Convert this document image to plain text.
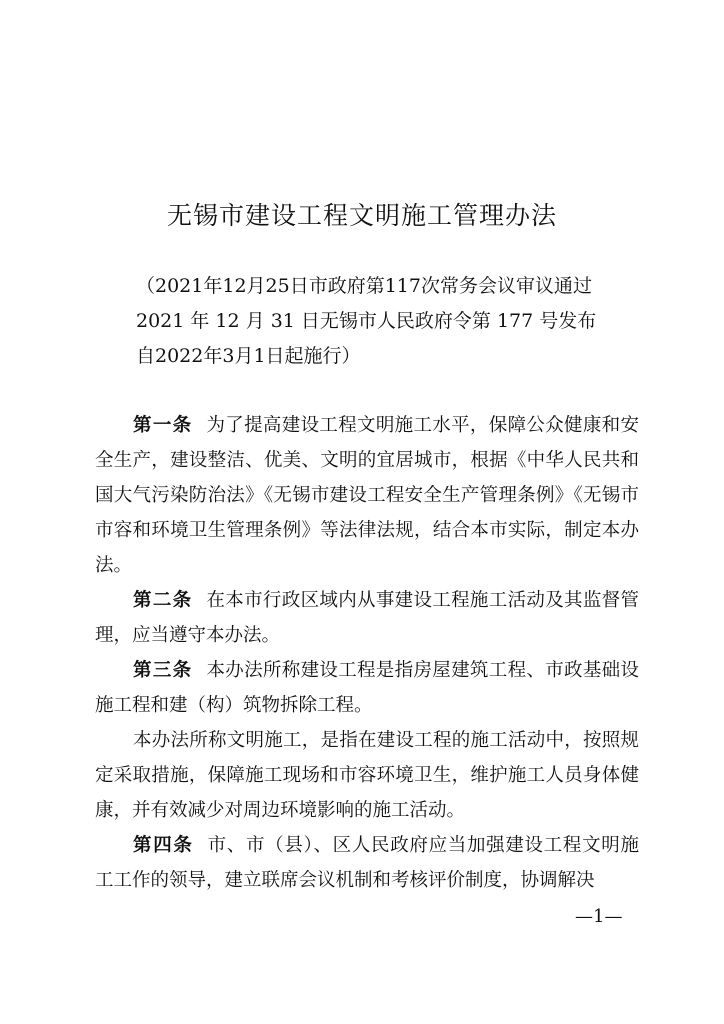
无锡市建设工程文明施工管理办法
（2021年12月25日市政府第117次常务会议审议通过
2021 年 12 月 31 日无锡市人民政府令第 177 号发布
自2022年3月1日起施行）

第一条 为了提高建设工程文明施工水平，保障公众健康和安全生产，建设整洁、优美、文明的宜居城市，根据《中华人民共和国大气污染防治法》《无锡市建设工程安全生产管理条例》《无锡市市容和环境卫生管理条例》等法律法规，结合本市实际，制定本办法。

第二条 在本市行政区域内从事建设工程施工活动及其监督管理，应当遵守本办法。

第三条 本办法所称建设工程是指房屋建筑工程、市政基础设施工程和建（构）筑物拆除工程。

本办法所称文明施工，是指在建设工程的施工活动中，按照规定采取措施，保障施工现场和市容环境卫生，维护施工人员身体健康，并有效减少对周边环境影响的施工活动。

第四条 市、市（县）、区人民政府应当加强建设工程文明施工工作的领导，建立联席会议机制和考核评价制度，协调解决

—1—
